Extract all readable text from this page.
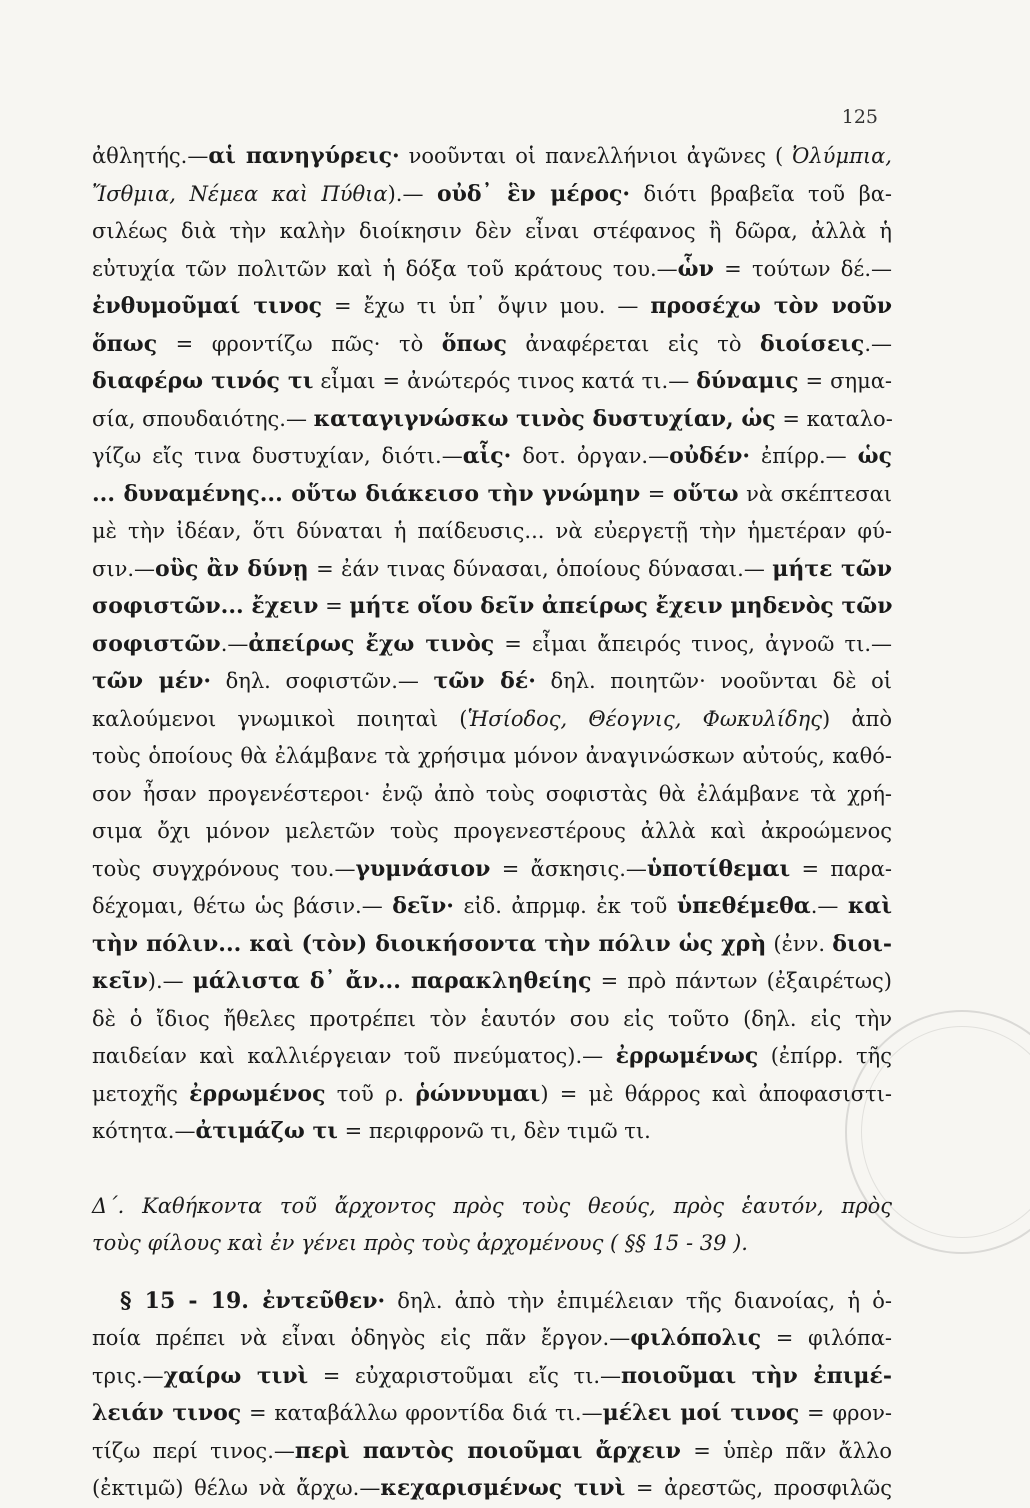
125
ἀθλητής.—αἱ πανηγύρεις· νοοῦνται οἱ πανελλήνιοι ἀγῶνες ( Ὀλύμπια,
Ἴσθμια, Νέμεα καὶ Πύθια).— οὐδ᾽ ἓν μέρος· διότι βραβεῖα τοῦ βα-
σιλέως διὰ τὴν καλὴν διοίκησιν δὲν εἶναι στέφανος ἢ δῶρα, ἀλλὰ ἡ
εὐτυχία τῶν πολιτῶν καὶ ἡ δόξα τοῦ κράτους του.—ὧν = τούτων δέ.—
ἐνθυμοῦμαί τινος = ἔχω τι ὑπ᾽ ὄψιν μου. — προσέχω τὸν νοῦν
ὅπως = φροντίζω πῶς· τὸ ὅπως ἀναφέρεται εἰς τὸ διοίσεις.—
διαφέρω τινός τι εἶμαι = ἀνώτερός τινος κατά τι.— δύναμις = σημα-
σία, σπουδαιότης.— καταγιγνώσκω τινὸς δυστυχίαν, ὡς = καταλο-
γίζω εἴς τινα δυστυχίαν, διότι.—αἷς· δοτ. ὀργαν.—οὐδέν· ἐπίρρ.— ὡς
... δυναμένης... οὕτω διάκεισο τὴν γνώμην = οὕτω νὰ σκέπτεσαι
μὲ τὴν ἰδέαν, ὅτι δύναται ἡ παίδευσις... νὰ εὐεργετῇ τὴν ἡμετέραν φύ-
σιν.—οὓς ἂν δύνῃ = ἐάν τινας δύνασαι, ὁποίους δύνασαι.— μήτε τῶν
σοφιστῶν... ἔχειν = μήτε οἵου δεῖν ἀπείρως ἔχειν μηδενὸς τῶν
σοφιστῶν.—ἀπείρως ἔχω τινὸς = εἶμαι ἄπειρός τινος, ἀγνοῶ τι.—
τῶν μέν· δηλ. σοφιστῶν.— τῶν δέ· δηλ. ποιητῶν· νοοῦνται δὲ οἱ
καλούμενοι γνωμικοὶ ποιηταὶ (Ἡσίοδος, Θέογνις, Φωκυλίδης) ἀπὸ
τοὺς ὁποίους θὰ ἐλάμβανε τὰ χρήσιμα μόνον ἀναγινώσκων αὐτούς, καθό-
σον ἦσαν προγενέστεροι· ἐνῷ ἀπὸ τοὺς σοφιστὰς θὰ ἐλάμβανε τὰ χρή-
σιμα ὄχι μόνον μελετῶν τοὺς προγενεστέρους ἀλλὰ καὶ ἀκροώμενος
τοὺς συγχρόνους του.—γυμνάσιον = ἄσκησις.—ὑποτίθεμαι = παρα-
δέχομαι, θέτω ὡς βάσιν.— δεῖν· εἰδ. ἀπρμφ. ἐκ τοῦ ὑπεθέμεθα.— καὶ
τὴν πόλιν... καὶ (τὸν) διοικήσοντα τὴν πόλιν ὡς χρὴ (ἐνν. διοι-
κεῖν).— μάλιστα δ᾽ ἄν... παρακληθείης = πρὸ πάντων (ἐξαιρέτως)
δὲ ὁ ἴδιος ἤθελες προτρέπει τὸν ἑαυτόν σου εἰς τοῦτο (δηλ. εἰς τὴν
παιδείαν καὶ καλλιέργειαν τοῦ πνεύματος).— ἐρρωμένως (ἐπίρρ. τῆς
μετοχῆς ἐρρωμένος τοῦ ρ. ῥώννυμαι) = μὲ θάρρος καὶ ἀποφασιστι-
κότητα.—ἀτιμάζω τι = περιφρονῶ τι, δὲν τιμῶ τι.
Δ΄. Καθήκοντα τοῦ ἄρχοντος πρὸς τοὺς θεούς, πρὸς ἑαυτόν, πρὸς
τοὺς φίλους καὶ ἐν γένει πρὸς τοὺς ἀρχομένους ( §§ 15 - 39 ).
§ 15 - 19. ἐντεῦθεν· δηλ. ἀπὸ τὴν ἐπιμέλειαν τῆς διανοίας, ἡ ὁ-
ποία πρέπει νὰ εἶναι ὁδηγὸς εἰς πᾶν ἔργον.—φιλόπολις = φιλόπα-
τρις.—χαίρω τινὶ = εὐχαριστοῦμαι εἴς τι.—ποιοῦμαι τὴν ἐπιμέ-
λειάν τινος = καταβάλλω φροντίδα διά τι.—μέλει μοί τινος = φρον-
τίζω περί τινος.—περὶ παντὸς ποιοῦμαι ἄρχειν = ὑπὲρ πᾶν ἄλλο
(ἐκτιμῶ) θέλω νὰ ἄρχω.—κεχαρισμένως τινὶ = ἀρεστῶς, προσφιλῶς
